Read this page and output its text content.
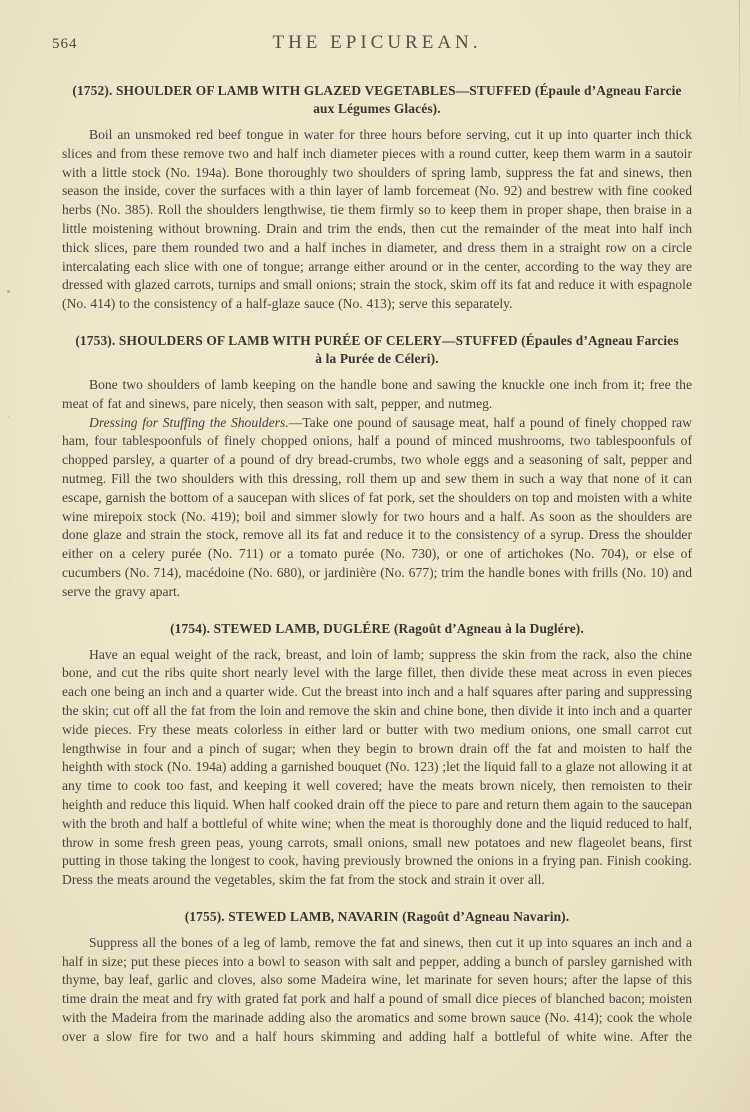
564	THE EPICUREAN.
(1752). SHOULDER OF LAMB WITH GLAZED VEGETABLES—STUFFED (Épaule d’Agneau Farcie
aux Légumes Glacés).

Boil an unsmoked red beef tongue in water for three hours before serving, cut it up into quarter inch thick slices and from these remove two and half inch diameter pieces with a round cutter, keep them warm in a sautoir with a little stock (No. 194a). Bone thoroughly two shoulders of spring lamb, suppress the fat and sinews, then season the inside, cover the surfaces with a thin layer of lamb forcemeat (No. 92) and bestrew with fine cooked herbs (No. 385). Roll the shoulders lengthwise, tie them firmly so to keep them in proper shape, then braise in a little moistening without browning. Drain and trim the ends, then cut the remainder of the meat into half inch thick slices, pare them rounded two and a half inches in diameter, and dress them in a straight row on a circle intercalating each slice with one of tongue; arrange either around or in the center, according to the way they are dressed with glazed carrots, turnips and small onions; strain the stock, skim off its fat and reduce it with espagnole (No. 414) to the consistency of a half-glaze sauce (No. 413); serve this separately.

(1753). SHOULDERS OF LAMB WITH PURÉE OF CELERY—STUFFED (Épaules d’Agneau Farcies
à la Purée de Céleri).

Bone two shoulders of lamb keeping on the handle bone and sawing the knuckle one inch from it; free the meat of fat and sinews, pare nicely, then season with salt, pepper, and nutmeg.

Dressing for Stuffing the Shoulders.—Take one pound of sausage meat, half a pound of finely chopped raw ham, four tablespoonfuls of finely chopped onions, half a pound of minced mushrooms, two tablespoonfuls of chopped parsley, a quarter of a pound of dry bread-crumbs, two whole eggs and a seasoning of salt, pepper and nutmeg. Fill the two shoulders with this dressing, roll them up and sew them in such a way that none of it can escape, garnish the bottom of a saucepan with slices of fat pork, set the shoulders on top and moisten with a white wine mirepoix stock (No. 419); boil and simmer slowly for two hours and a half. As soon as the shoulders are done glaze and strain the stock, remove all its fat and reduce it to the consistency of a syrup. Dress the shoulder either on a celery purée (No. 711) or a tomato purée (No. 730), or one of artichokes (No. 704), or else of cucumbers (No. 714), macédoine (No. 680), or jardinière (No. 677); trim the handle bones with frills (No. 10) and serve the gravy apart.

(1754). STEWED LAMB, DUGLÉRE (Ragoût d’Agneau à la Duglére).

Have an equal weight of the rack, breast, and loin of lamb; suppress the skin from the rack, also the chine bone, and cut the ribs quite short nearly level with the large fillet, then divide these meat across in even pieces each one being an inch and a quarter wide. Cut the breast into inch and a half squares after paring and suppressing the skin; cut off all the fat from the loin and remove the skin and chine bone, then divide it into inch and a quarter wide pieces. Fry these meats colorless in either lard or butter with two medium onions, one small carrot cut lengthwise in four and a pinch of sugar; when they begin to brown drain off the fat and moisten to half the heighth with stock (No. 194a) adding a garnished bouquet (No. 123) ;let the liquid fall to a glaze not allowing it at any time to cook too fast, and keeping it well covered; have the meats brown nicely, then remoisten to their heighth and reduce this liquid. When half cooked drain off the piece to pare and return them again to the saucepan with the broth and half a bottleful of white wine; when the meat is thoroughly done and the liquid reduced to half, throw in some fresh green peas, young carrots, small onions, small new potatoes and new flageolet beans, first putting in those taking the longest to cook, having previously browned the onions in a frying pan. Finish cooking. Dress the meats around the vegetables, skim the fat from the stock and strain it over all.

(1755). STEWED LAMB, NAVARIN (Ragoût d’Agneau Navarin).

Suppress all the bones of a leg of lamb, remove the fat and sinews, then cut it up into squares an inch and a half in size; put these pieces into a bowl to season with salt and pepper, adding a bunch of parsley garnished with thyme, bay leaf, garlic and cloves, also some Madeira wine, let marinate for seven hours; after the lapse of this time drain the meat and fry with grated fat pork and half a pound of small dice pieces of blanched bacon; moisten with the Madeira from the marinade adding also the aromatics and some brown sauce (No. 414); cook the whole over a slow fire for two and a half hours skimming and adding half a bottleful of white wine. After the
